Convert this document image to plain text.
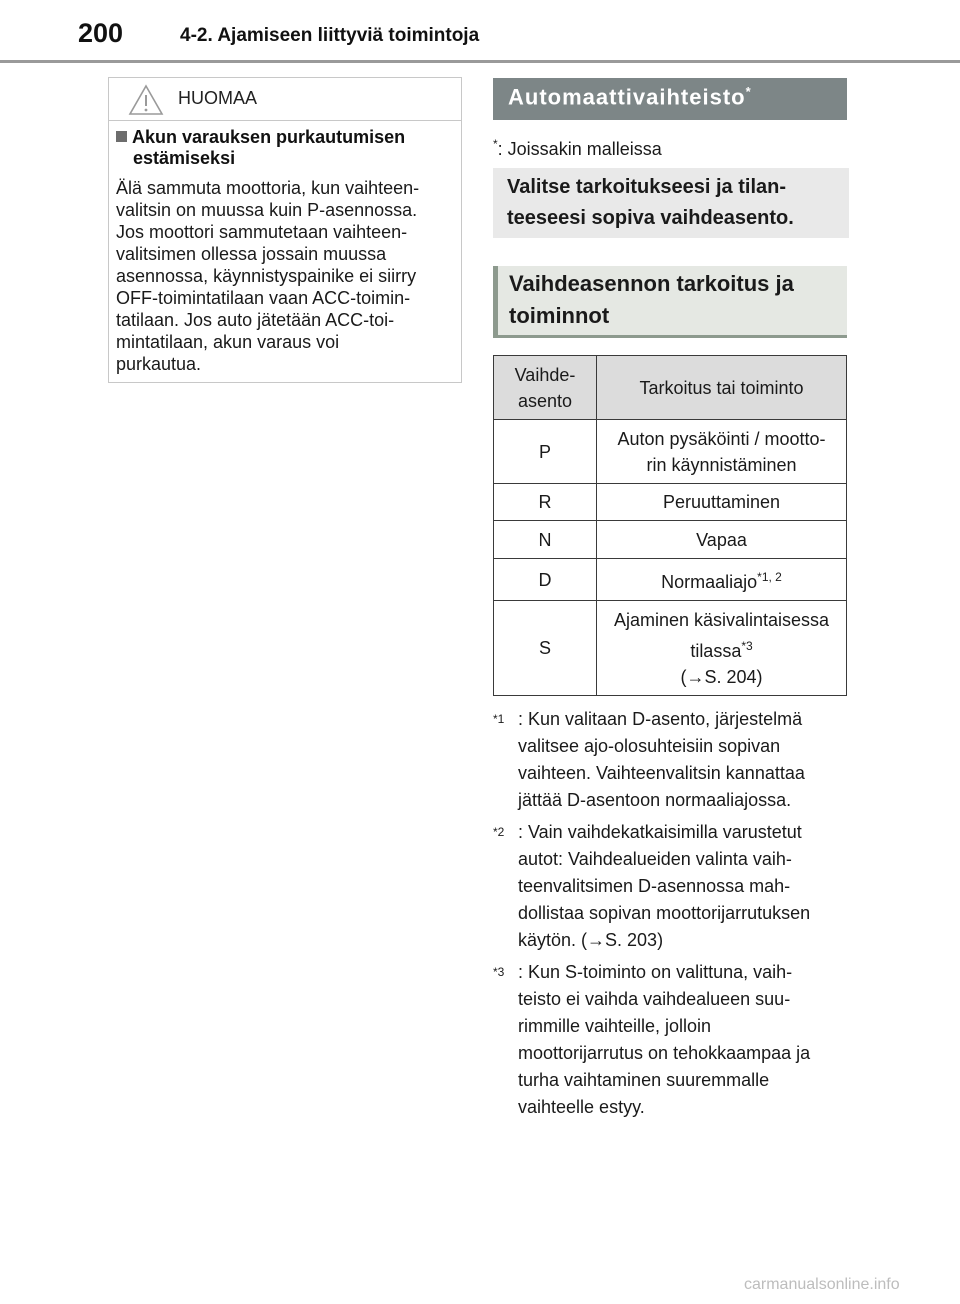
200	4-2. Ajamiseen liittyviä toimintoja
HUOMAA
Akun varauksen purkautumisen
estämiseksi
Älä sammuta moottoria, kun vaihteen-
valitsin on muussa kuin P-asennossa.
Jos moottori sammutetaan vaihteen-
valitsimen ollessa jossain muussa
asennossa, käynnistyspainike ei siirry
OFF-toimintatilaan vaan ACC-toimin-
tatilaan. Jos auto jätetään ACC-toi-
mintatilaan, akun varaus voi
purkautua.
Automaattivaihteisto*
*: Joissakin malleissa
Valitse tarkoitukseesi ja tilan-
teeseesi sopiva vaihdeasento.
Vaihdeasennon tarkoitus ja
toiminnot
Vaihde-
asento	Tarkoitus tai toiminto
P	Auton pysäköinti / mootto-
rin käynnistäminen
R	Peruuttaminen
N	Vapaa
D	Normaaliajo$^{*1, 2}$
S	Ajaminen käsivalintaisessa
tilassa$^{*3}$
(→S. 204)
$^{*1}$ : Kun valitaan D-asento, järjestelmä
valitsee ajo-olosuhteisiin sopivan
vaihteen. Vaihteenvalitsin kannattaa
jättää D-asentoon normaaliajossa.
$^{*2}$ : Vain vaihdekatkaisimilla varustetut
autot: Vaihdealueiden valinta vaih-
teenvalitsimen D-asennossa mah-
dollistaa sopivan moottorijarrutuksen
käytön. (→S. 203)
$^{*3}$ : Kun S-toiminto on valittuna, vaih-
teisto ei vaihda vaihdealueen suu-
rimmille vaihteille, jolloin
moottorijarrutus on tehokkaampaa ja
turha vaihtaminen suuremmalle
vaihteelle estyy.
carmanualsonline.info
